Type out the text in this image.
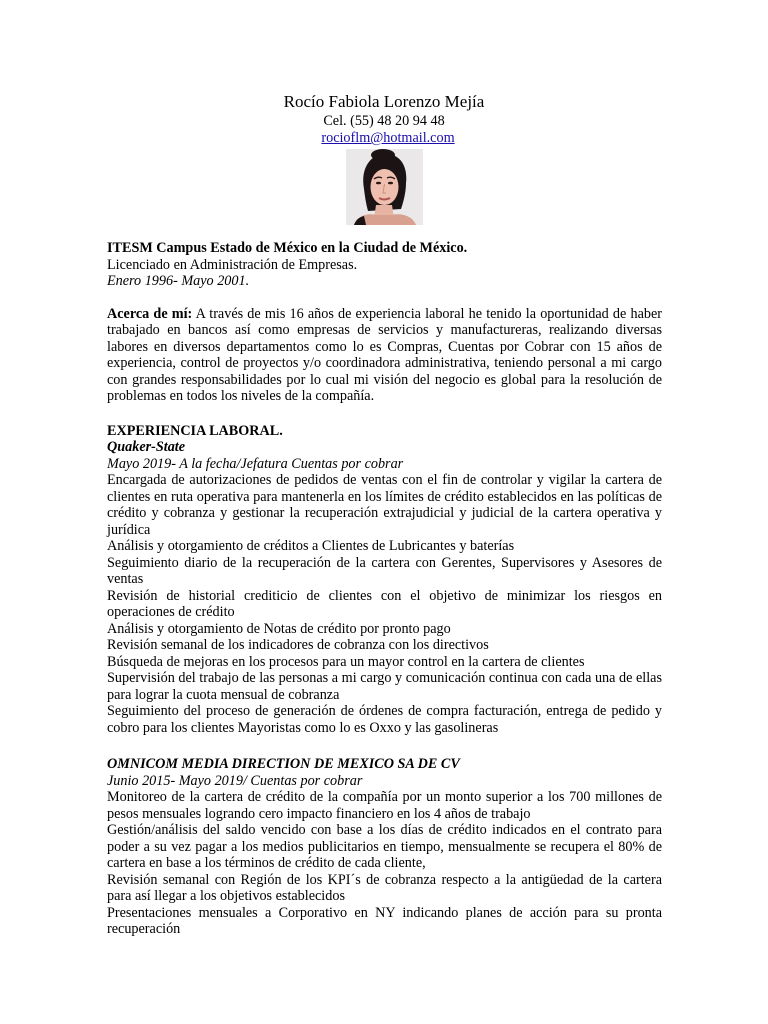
Rocío Fabiola Lorenzo Mejía
Cel. (55) 48 20 94 48
rocioflm@hotmail.com

ITESM Campus Estado de México en la Ciudad de México.

Licenciado en Administración de Empresas.

Enero 1996- Mayo 2001.

Acerca de mí: A través de mis 16 años de experiencia laboral he tenido la oportunidad de haber trabajado en bancos así como empresas de servicios y manufactureras, realizando diversas labores en diversos departamentos como lo es Compras, Cuentas por Cobrar con 15 años de experiencia, control de proyectos y/o coordinadora administrativa, teniendo personal a mi cargo con grandes responsabilidades por lo cual mi visión del negocio es global para la resolución de problemas en todos los niveles de la compañía.

EXPERIENCIA LABORAL.

Quaker-State

Mayo 2019- A la fecha/Jefatura Cuentas por cobrar

Encargada de autorizaciones de pedidos de ventas con el fin de controlar y vigilar la cartera de clientes en ruta operativa para mantenerla en los límites de crédito establecidos en las políticas de crédito y cobranza y gestionar la recuperación extrajudicial y judicial de la cartera operativa y jurídica

Análisis y otorgamiento de créditos a Clientes de Lubricantes y baterías

Seguimiento diario de la recuperación de la cartera con Gerentes, Supervisores y Asesores de ventas

Revisión de historial crediticio de clientes con el objetivo de minimizar los riesgos en operaciones de crédito

Análisis y otorgamiento de Notas de crédito por pronto pago

Revisión semanal de los indicadores de cobranza con los directivos

Búsqueda de mejoras en los procesos para un mayor control en la cartera de clientes

Supervisión del trabajo de las personas a mi cargo y comunicación continua con cada una de ellas para lograr la cuota mensual de cobranza

Seguimiento del proceso de generación de órdenes de compra facturación, entrega de pedido y cobro para los clientes Mayoristas como lo es Oxxo y las gasolineras

OMNICOM MEDIA DIRECTION DE MEXICO SA DE CV

Junio 2015- Mayo 2019/ Cuentas por cobrar

Monitoreo de la cartera de crédito de la compañía por un monto superior a los 700 millones de pesos mensuales logrando cero impacto financiero en los 4 años de trabajo

Gestión/análisis del saldo vencido con base a los días de crédito indicados en el contrato para poder a su vez pagar a los medios publicitarios en tiempo, mensualmente se recupera el 80% de cartera en base a los términos de crédito de cada cliente,

Revisión semanal con Región de los KPI´s de cobranza respecto a la antigüedad de la cartera para así llegar a los objetivos establecidos

Presentaciones mensuales a Corporativo en NY indicando planes de acción para su pronta recuperación
